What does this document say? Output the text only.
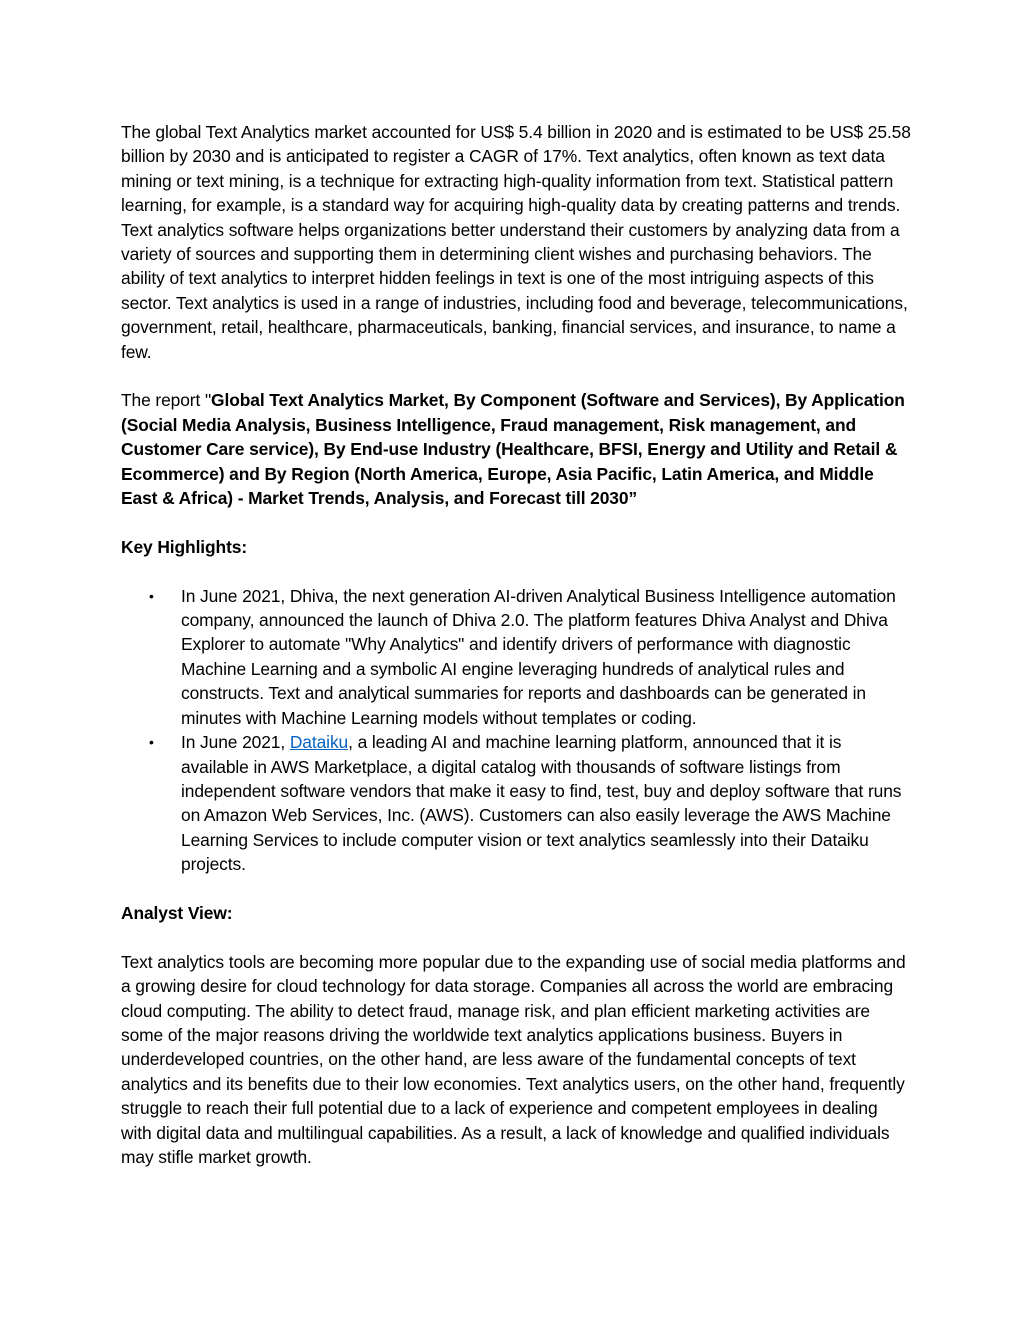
The global Text Analytics market accounted for US$ 5.4 billion in 2020 and is estimated to be US$ 25.58 billion by 2030 and is anticipated to register a CAGR of 17%. Text analytics, often known as text data mining or text mining, is a technique for extracting high-quality information from text. Statistical pattern learning, for example, is a standard way for acquiring high-quality data by creating patterns and trends. Text analytics software helps organizations better understand their customers by analyzing data from a variety of sources and supporting them in determining client wishes and purchasing behaviors. The ability of text analytics to interpret hidden feelings in text is one of the most intriguing aspects of this sector. Text analytics is used in a range of industries, including food and beverage, telecommunications, government, retail, healthcare, pharmaceuticals, banking, financial services, and insurance, to name a few.

The report "Global Text Analytics Market, By Component (Software and Services), By Application (Social Media Analysis, Business Intelligence, Fraud management, Risk management, and Customer Care service), By End-use Industry (Healthcare, BFSI, Energy and Utility and Retail & Ecommerce) and By Region (North America, Europe, Asia Pacific, Latin America, and Middle East & Africa) - Market Trends, Analysis, and Forecast till 2030”

Key Highlights:

• In June 2021, Dhiva, the next generation AI-driven Analytical Business Intelligence automation company, announced the launch of Dhiva 2.0. The platform features Dhiva Analyst and Dhiva Explorer to automate "Why Analytics" and identify drivers of performance with diagnostic Machine Learning and a symbolic AI engine leveraging hundreds of analytical rules and constructs. Text and analytical summaries for reports and dashboards can be generated in minutes with Machine Learning models without templates or coding.
• In June 2021, Dataiku, a leading AI and machine learning platform, announced that it is available in AWS Marketplace, a digital catalog with thousands of software listings from independent software vendors that make it easy to find, test, buy and deploy software that runs on Amazon Web Services, Inc. (AWS). Customers can also easily leverage the AWS Machine Learning Services to include computer vision or text analytics seamlessly into their Dataiku projects.

Analyst View:

Text analytics tools are becoming more popular due to the expanding use of social media platforms and a growing desire for cloud technology for data storage. Companies all across the world are embracing cloud computing. The ability to detect fraud, manage risk, and plan efficient marketing activities are some of the major reasons driving the worldwide text analytics applications business. Buyers in underdeveloped countries, on the other hand, are less aware of the fundamental concepts of text analytics and its benefits due to their low economies. Text analytics users, on the other hand, frequently struggle to reach their full potential due to a lack of experience and competent employees in dealing with digital data and multilingual capabilities. As a result, a lack of knowledge and qualified individuals may stifle market growth.
